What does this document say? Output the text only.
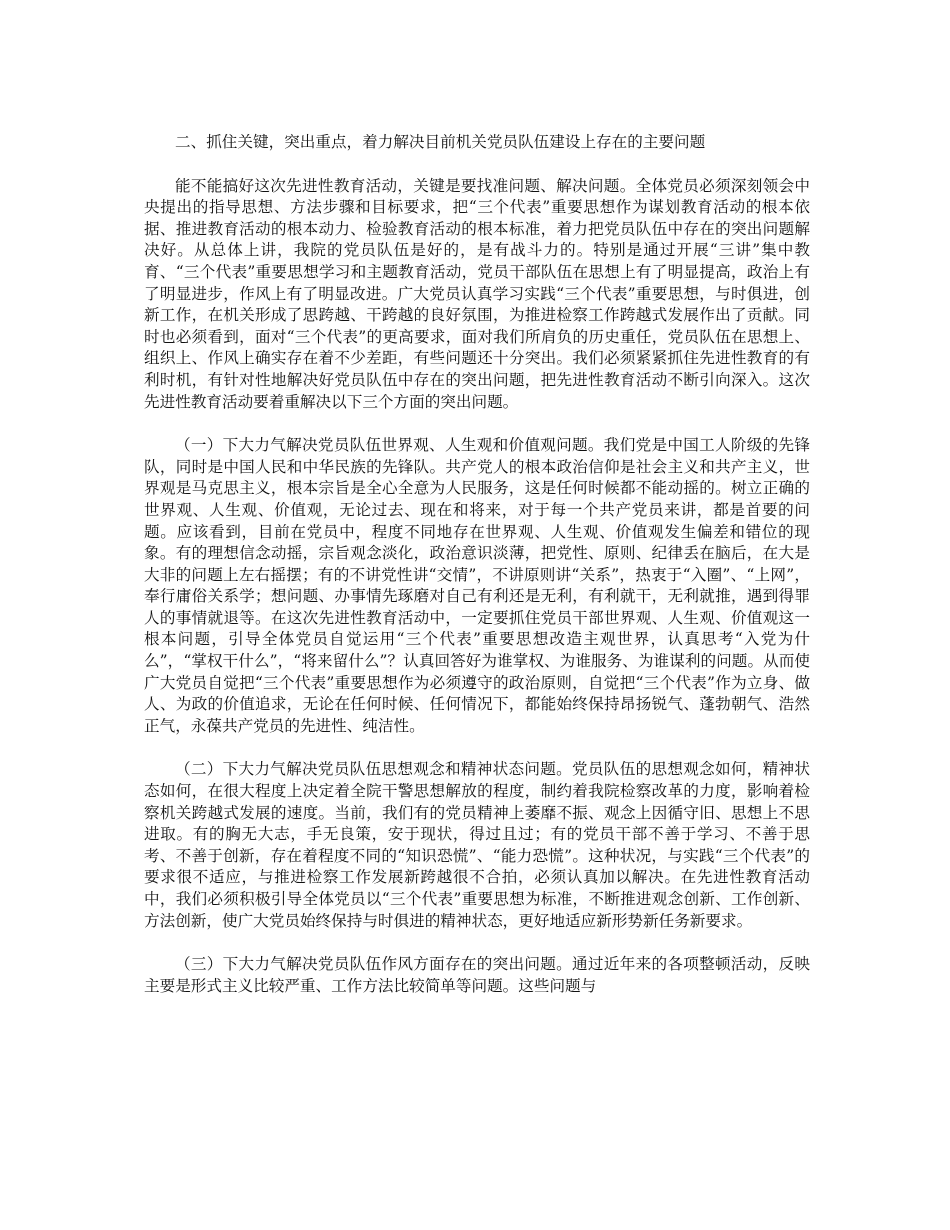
二、抓住关键，突出重点，着力解决目前机关党员队伍建设上存在的主要问题

能不能搞好这次先进性教育活动，关键是要找准问题、解决问题。全体党员必须深刻领会中央提出的指导思想、方法步骤和目标要求，把“三个代表”重要思想作为谋划教育活动的根本依据、推进教育活动的根本动力、检验教育活动的根本标准，着力把党员队伍中存在的突出问题解决好。从总体上讲，我院的党员队伍是好的，是有战斗力的。特别是通过开展“三讲”集中教育、“三个代表”重要思想学习和主题教育活动，党员干部队伍在思想上有了明显提高，政治上有了明显进步，作风上有了明显改进。广大党员认真学习实践“三个代表”重要思想，与时俱进，创新工作，在机关形成了思跨越、干跨越的良好氛围，为推进检察工作跨越式发展作出了贡献。同时也必须看到，面对“三个代表”的更高要求，面对我们所肩负的历史重任，党员队伍在思想上、组织上、作风上确实存在着不少差距，有些问题还十分突出。我们必须紧紧抓住先进性教育的有利时机，有针对性地解决好党员队伍中存在的突出问题，把先进性教育活动不断引向深入。这次先进性教育活动要着重解决以下三个方面的突出问题。

（一）下大力气解决党员队伍世界观、人生观和价值观问题。我们党是中国工人阶级的先锋队，同时是中国人民和中华民族的先锋队。共产党人的根本政治信仰是社会主义和共产主义，世界观是马克思主义，根本宗旨是全心全意为人民服务，这是任何时候都不能动摇的。树立正确的世界观、人生观、价值观，无论过去、现在和将来，对于每一个共产党员来讲，都是首要的问题。应该看到，目前在党员中，程度不同地存在世界观、人生观、价值观发生偏差和错位的现象。有的理想信念动摇，宗旨观念淡化，政治意识淡薄，把党性、原则、纪律丢在脑后，在大是大非的问题上左右摇摆；有的不讲党性讲“交情”，不讲原则讲“关系”，热衷于“入圈”、“上网”，奉行庸俗关系学；想问题、办事情先琢磨对自己有利还是无利，有利就干，无利就推，遇到得罪人的事情就退等。在这次先进性教育活动中，一定要抓住党员干部世界观、人生观、价值观这一根本问题，引导全体党员自觉运用“三个代表”重要思想改造主观世界，认真思考“入党为什么”，“掌权干什么”，“将来留什么”？认真回答好为谁掌权、为谁服务、为谁谋利的问题。从而使广大党员自觉把“三个代表”重要思想作为必须遵守的政治原则，自觉把“三个代表”作为立身、做人、为政的价值追求，无论在任何时候、任何情况下，都能始终保持昂扬锐气、蓬勃朝气、浩然正气，永葆共产党员的先进性、纯洁性。

（二）下大力气解决党员队伍思想观念和精神状态问题。党员队伍的思想观念如何，精神状态如何，在很大程度上决定着全院干警思想解放的程度，制约着我院检察改革的力度，影响着检察机关跨越式发展的速度。当前，我们有的党员精神上萎靡不振、观念上因循守旧、思想上不思进取。有的胸无大志，手无良策，安于现状，得过且过；有的党员干部不善于学习、不善于思考、不善于创新，存在着程度不同的“知识恐慌”、“能力恐慌”。这种状况，与实践“三个代表”的要求很不适应，与推进检察工作发展新跨越很不合拍，必须认真加以解决。在先进性教育活动中，我们必须积极引导全体党员以“三个代表”重要思想为标准，不断推进观念创新、工作创新、方法创新，使广大党员始终保持与时俱进的精神状态，更好地适应新形势新任务新要求。

（三）下大力气解决党员队伍作风方面存在的突出问题。通过近年来的各项整顿活动，反映主要是形式主义比较严重、工作方法比较简单等问题。这些问题与
